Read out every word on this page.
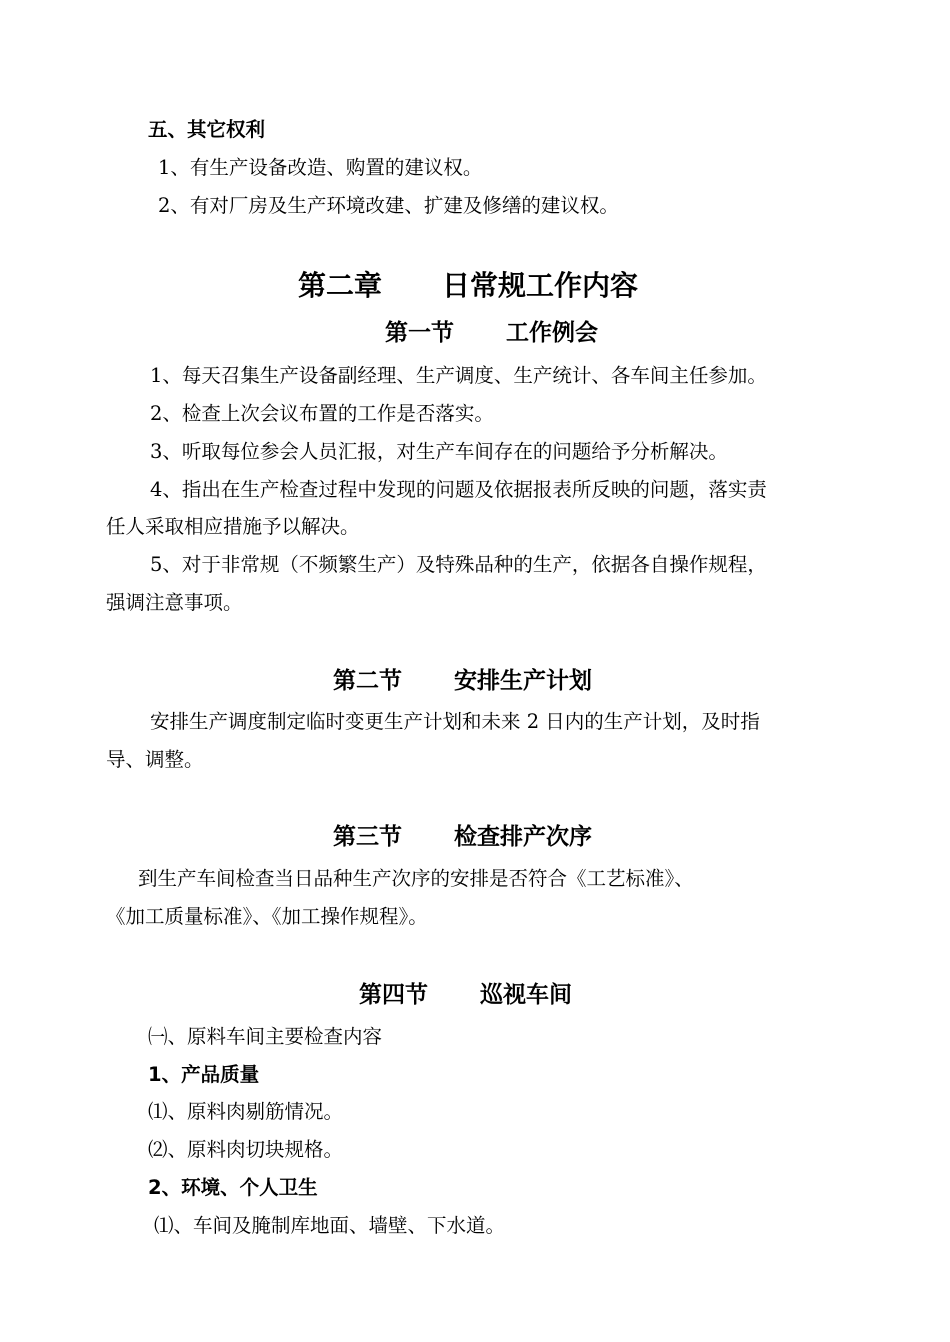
五、其它权利
1、有生产设备改造、购置的建议权。
2、有对厂房及生产环境改建、扩建及修缮的建议权。
第二章 日常规工作内容
第一节 工作例会
1、每天召集生产设备副经理、生产调度、生产统计、各车间主任参加。
2、检查上次会议布置的工作是否落实。
3、听取每位参会人员汇报，对生产车间存在的问题给予分析解决。
4、指出在生产检查过程中发现的问题及依据报表所反映的问题，落实责
任人采取相应措施予以解决。
5、对于非常规（不频繁生产）及特殊品种的生产，依据各自操作规程，
强调注意事项。
第二节 安排生产计划
安排生产调度制定临时变更生产计划和未来 2 日内的生产计划，及时指
导、调整。
第三节 检查排产次序
到生产车间检查当日品种生产次序的安排是否符合《工艺标准》、
《加工质量标准》、《加工操作规程》。
第四节 巡视车间
㈠、原料车间主要检查内容
1、产品质量
⑴、原料肉剔筋情况。
⑵、原料肉切块规格。
2、环境、个人卫生
⑴、车间及腌制库地面、墙壁、下水道。
